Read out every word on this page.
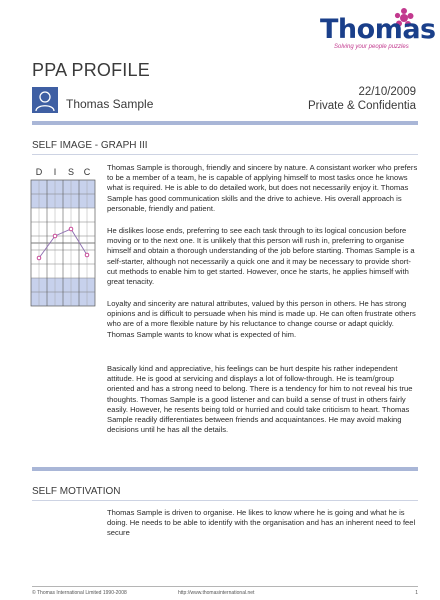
Thomas
Solving your people puzzles
PPA PROFILE
Thomas Sample
22/10/2009
Private & Confidentia
SELF IMAGE - GRAPH III
D I S C Thomas Sample is thorough, friendly and sincere by nature. A consistant worker who prefers to be a member of a team, he is capable of applying himself to most tasks once he knows what is required. He is able to do detailed work, but does not necessarily enjoy it. Thomas Sample has good communication skills and the drive to achieve. His overall approach is personable, friendly and patient.

He dislikes loose ends, preferring to see each task through to its logical concusion before moving or to the next one. It is unlikely that this person will rush in, preferring to organise himself and obtain a thorough understanding of the job before starting. Thomas Sample is a self-starter, although not necessarily a quick one and it may be necessary to provide short-cut methods to enable him to get started. However, once he starts, he applies himself with great tenacity.

Loyalty and sincerity are natural attributes, valued by this person in others. He has strong opinions and is difficult to persuade when his mind is made up. He can often frustrate others who are of a more flexible nature by his reluctance to change course or adapt quickly. Thomas Sample wants to know what is expected of him.

Basically kind and appreciative, his feelings can be hurt despite his rather independent attitude. He is good at servicing and displays a lot of follow-through. He is team/group oriented and has a strong need to belong. There is a tendency for him to not reveal his true thoughts. Thomas Sample is a good listener and can build a sense of trust in others fairly easily. However, he resents being told or hurried and could take criticism to heart. Thomas Sample readily differentiates between friends and acquaintances. He may avoid making decisions until he has all the details.

SELF MOTIVATION

Thomas Sample is driven to organise. He likes to know where he is going and what he is doing. He needs to be able to identify with the organisation and has an inherent need to feel secure

© Thomas International Limited 1990-2008	http://www.thomasinternational.net	1
